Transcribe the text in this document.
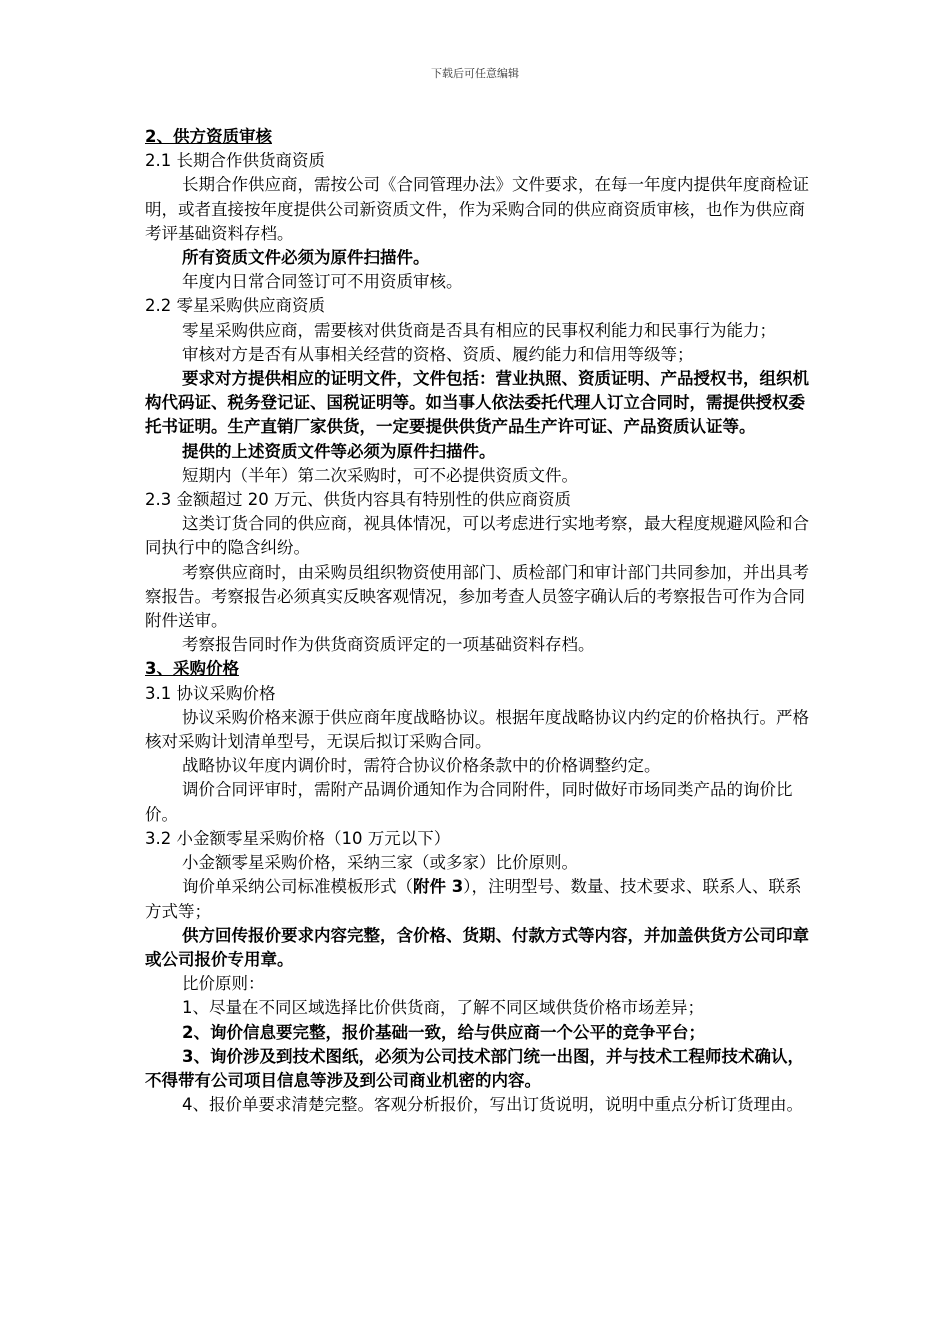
下载后可任意编辑

2、供方资质审核

2.1 长期合作供货商资质

长期合作供应商，需按公司《合同管理办法》文件要求，在每一年度内提供年度商检证明，或者直接按年度提供公司新资质文件，作为采购合同的供应商资质审核，也作为供应商考评基础资料存档。

所有资质文件必须为原件扫描件。

年度内日常合同签订可不用资质审核。

2.2 零星采购供应商资质

零星采购供应商，需要核对供货商是否具有相应的民事权利能力和民事行为能力；

审核对方是否有从事相关经营的资格、资质、履约能力和信用等级等；

要求对方提供相应的证明文件，文件包括：营业执照、资质证明、产品授权书，组织机构代码证、税务登记证、国税证明等。如当事人依法委托代理人订立合同时，需提供授权委托书证明。生产直销厂家供货，一定要提供供货产品生产许可证、产品资质认证等。

提供的上述资质文件等必须为原件扫描件。

短期内（半年）第二次采购时，可不必提供资质文件。

2.3 金额超过 20 万元、供货内容具有特别性的供应商资质

这类订货合同的供应商，视具体情况，可以考虑进行实地考察，最大程度规避风险和合同执行中的隐含纠纷。

考察供应商时，由采购员组织物资使用部门、质检部门和审计部门共同参加，并出具考察报告。考察报告必须真实反映客观情况，参加考查人员签字确认后的考察报告可作为合同附件送审。

考察报告同时作为供货商资质评定的一项基础资料存档。

3、采购价格

3.1 协议采购价格

协议采购价格来源于供应商年度战略协议。根据年度战略协议内约定的价格执行。严格核对采购计划清单型号，无误后拟订采购合同。

战略协议年度内调价时，需符合协议价格条款中的价格调整约定。

调价合同评审时，需附产品调价通知作为合同附件，同时做好市场同类产品的询价比价。

3.2 小金额零星采购价格（10 万元以下）

小金额零星采购价格，采纳三家（或多家）比价原则。

询价单采纳公司标准模板形式（附件 3），注明型号、数量、技术要求、联系人、联系方式等；

供方回传报价要求内容完整，含价格、货期、付款方式等内容，并加盖供货方公司印章或公司报价专用章。

比价原则：

1、尽量在不同区域选择比价供货商，了解不同区域供货价格市场差异；

2、询价信息要完整，报价基础一致，给与供应商一个公平的竞争平台；

3、询价涉及到技术图纸，必须为公司技术部门统一出图，并与技术工程师技术确认，不得带有公司项目信息等涉及到公司商业机密的内容。

4、报价单要求清楚完整。客观分析报价，写出订货说明，说明中重点分析订货理由。
